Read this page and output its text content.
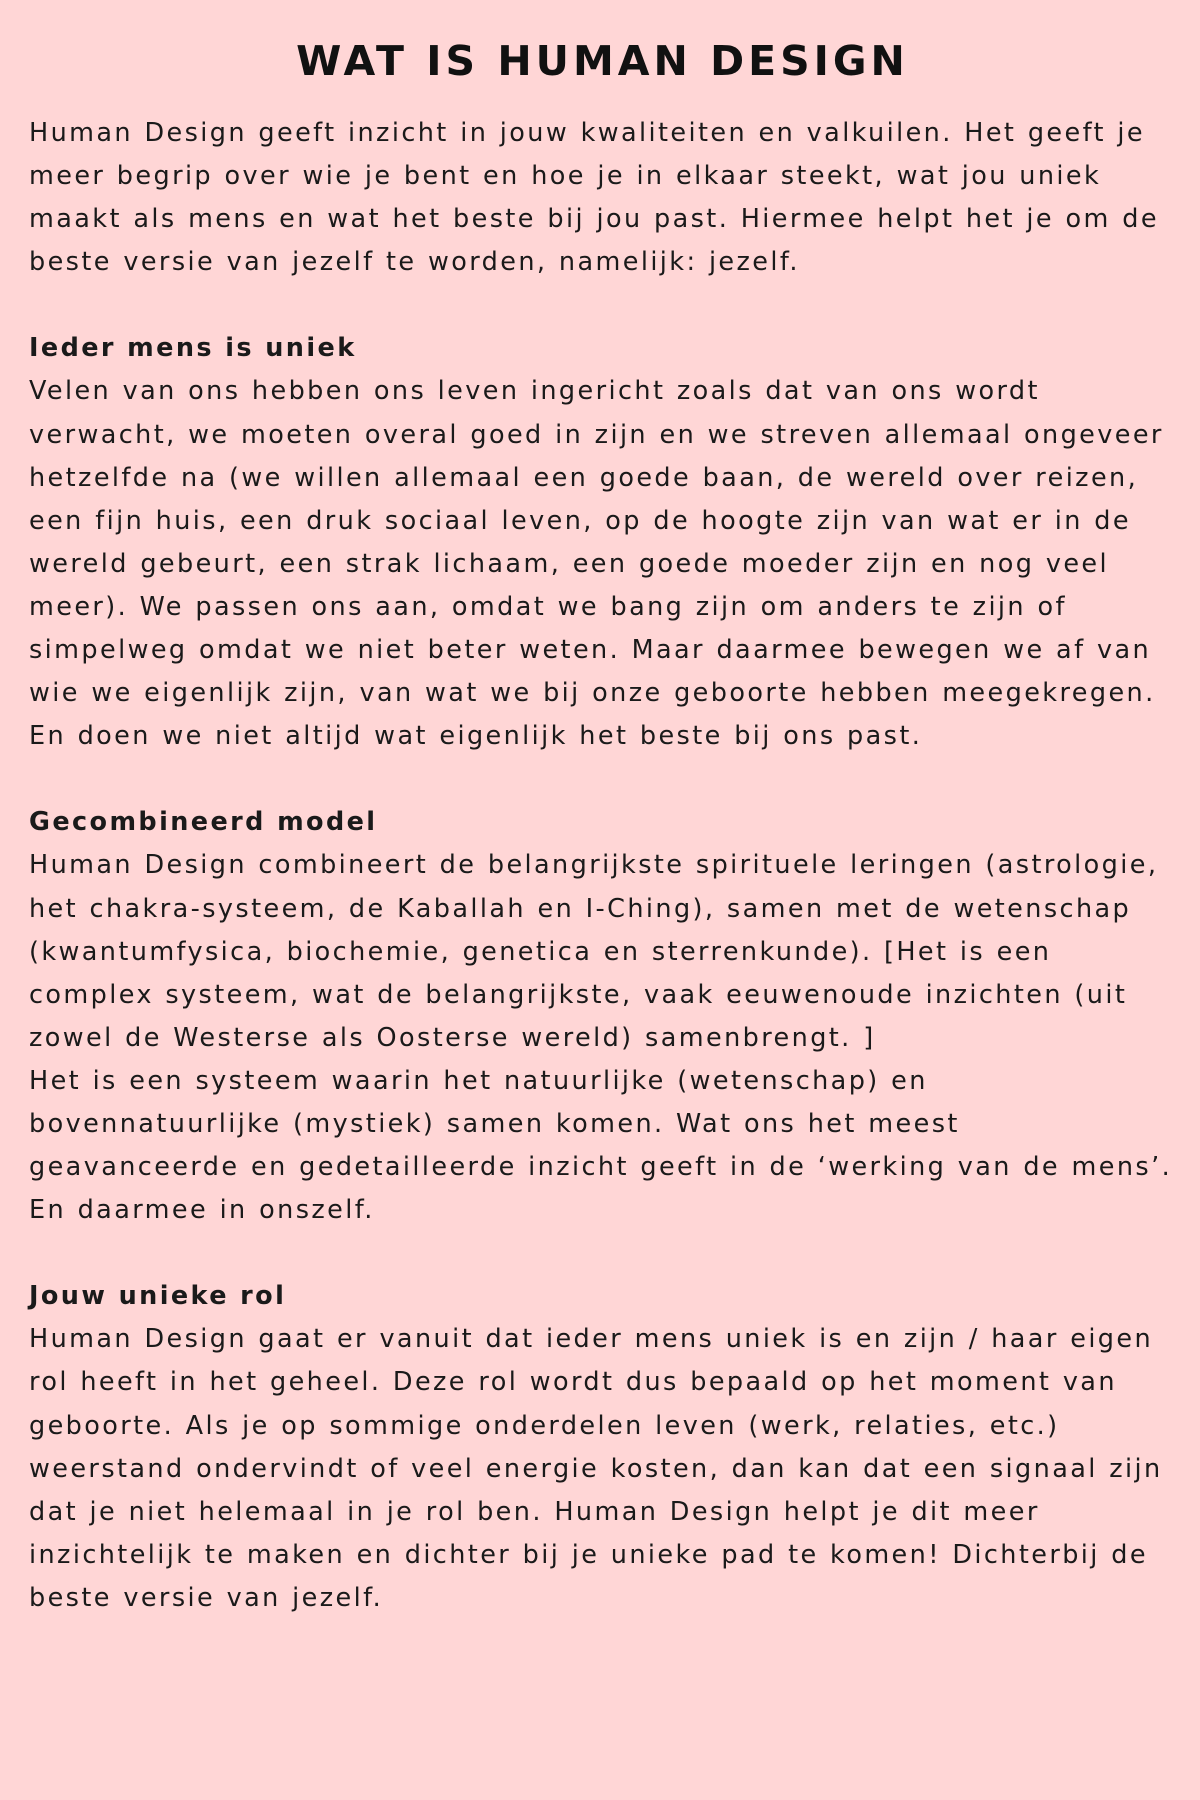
WAT IS HUMAN DESIGN

Human Design geeft inzicht in jouw kwaliteiten en valkuilen. Het geeft je meer begrip over wie je bent en hoe je in elkaar steekt, wat jou uniek maakt als mens en wat het beste bij jou past. Hiermee helpt het je om de beste versie van jezelf te worden, namelijk: jezelf.

Ieder mens is uniek

Velen van ons hebben ons leven ingericht zoals dat van ons wordt verwacht, we moeten overal goed in zijn en we streven allemaal ongeveer hetzelfde na (we willen allemaal een goede baan, de wereld over reizen, een fijn huis, een druk sociaal leven, op de hoogte zijn van wat er in de wereld gebeurt, een strak lichaam, een goede moeder zijn en nog veel meer). We passen ons aan, omdat we bang zijn om anders te zijn of simpelweg omdat we niet beter weten. Maar daarmee bewegen we af van wie we eigenlijk zijn, van wat we bij onze geboorte hebben meegekregen. En doen we niet altijd wat eigenlijk het beste bij ons past.

Gecombineerd model

Human Design combineert de belangrijkste spirituele leringen (astrologie, het chakra-systeem, de Kaballah en I-Ching), samen met de wetenschap (kwantumfysica, biochemie, genetica en sterrenkunde). [Het is een complex systeem, wat de belangrijkste, vaak eeuwenoude inzichten (uit zowel de Westerse als Oosterse wereld) samenbrengt. ]

Het is een systeem waarin het natuurlijke (wetenschap) en bovennatuurlijke (mystiek) samen komen. Wat ons het meest geavanceerde en gedetailleerde inzicht geeft in de ‘werking van de mens’. En daarmee in onszelf.

Jouw unieke rol

Human Design gaat er vanuit dat ieder mens uniek is en zijn / haar eigen rol heeft in het geheel. Deze rol wordt dus bepaald op het moment van geboorte. Als je op sommige onderdelen leven (werk, relaties, etc.) weerstand ondervindt of veel energie kosten, dan kan dat een signaal zijn dat je niet helemaal in je rol ben. Human Design helpt je dit meer inzichtelijk te maken en dichter bij je unieke pad te komen! Dichterbij de beste versie van jezelf.
